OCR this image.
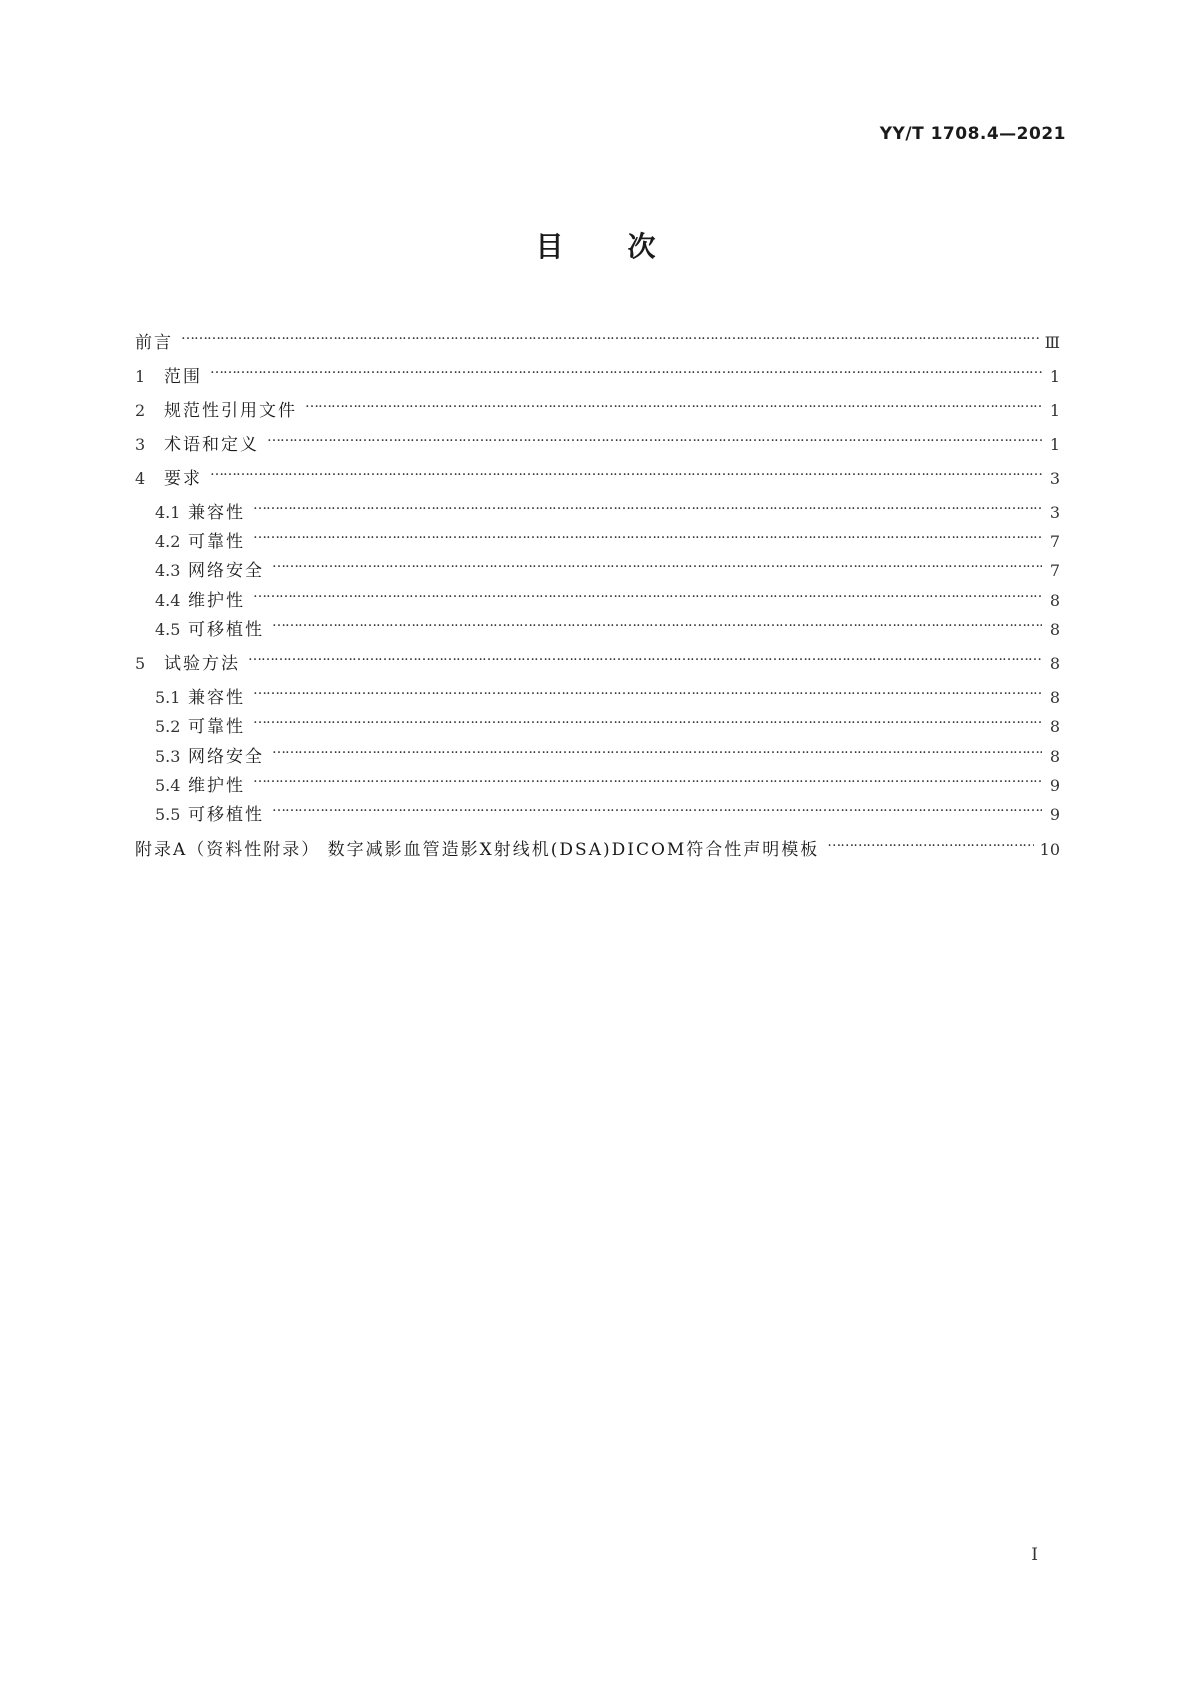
YY/T 1708.4—2021
目次
前言 …………………………………………………………………………………………………………………………………………………………………………………………………………………………………………………………	Ⅲ
1	范围 …………………………………………………………………………………………………………………………………………………………………………………………………………………………………………………………	1
2	规范性引用文件 …………………………………………………………………………………………………………………………………………………………………………………………………………………………………………………………	1
3	术语和定义 …………………………………………………………………………………………………………………………………………………………………………………………………………………………………………………………	1
4	要求 …………………………………………………………………………………………………………………………………………………………………………………………………………………………………………………………	3
4.1 兼容性 …………………………………………………………………………………………………………………………………………………………………………………………………………………………………………………………	3
4.2 可靠性 …………………………………………………………………………………………………………………………………………………………………………………………………………………………………………………………	7
4.3 网络安全 …………………………………………………………………………………………………………………………………………………………………………………………………………………………………………………………	7
4.4 维护性 …………………………………………………………………………………………………………………………………………………………………………………………………………………………………………………………	8
4.5 可移植性 …………………………………………………………………………………………………………………………………………………………………………………………………………………………………………………………	8
5	试验方法 …………………………………………………………………………………………………………………………………………………………………………………………………………………………………………………………	8
5.1 兼容性 …………………………………………………………………………………………………………………………………………………………………………………………………………………………………………………………	8
5.2 可靠性 …………………………………………………………………………………………………………………………………………………………………………………………………………………………………………………………	8
5.3 网络安全 …………………………………………………………………………………………………………………………………………………………………………………………………………………………………………………………	8
5.4 维护性 …………………………………………………………………………………………………………………………………………………………………………………………………………………………………………………………	9
5.5 可移植性 …………………………………………………………………………………………………………………………………………………………………………………………………………………………………………………………	9
附录A（资料性附录） 数字减影血管造影X射线机(DSA)DICOM符合性声明模板 …………………………………………………………………………………………………………………………………………………………………………………………………………………………………………………………	10
I
